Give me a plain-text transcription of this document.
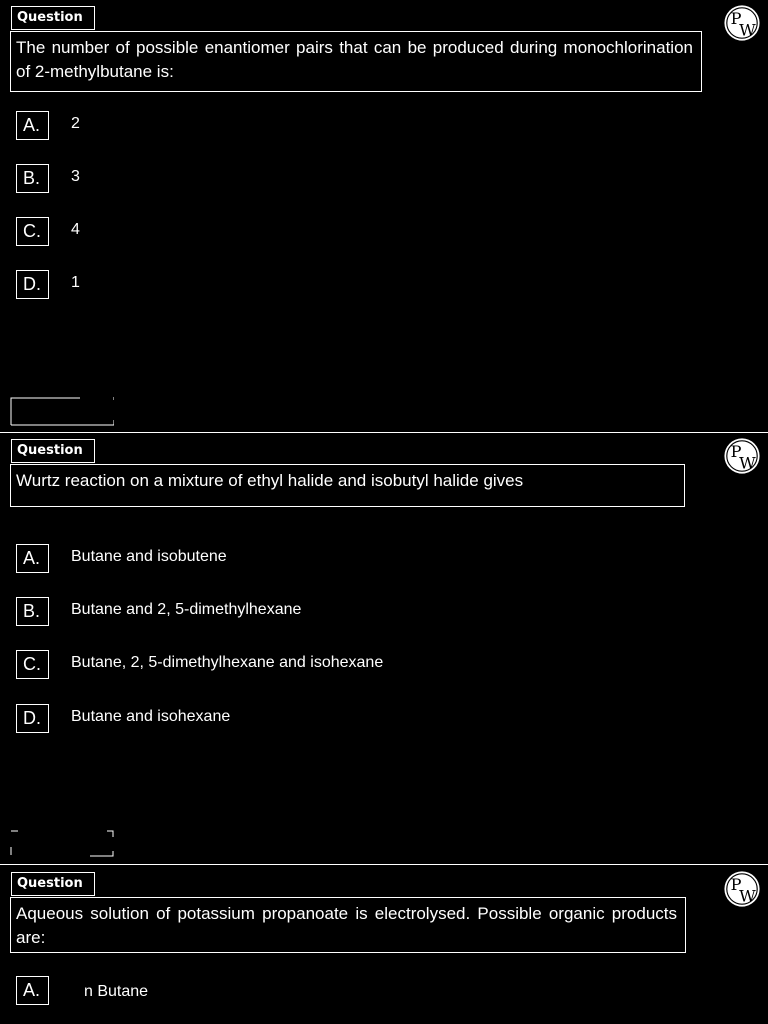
Question	P
W
The number of possible enantiomer pairs that can be produced during monochlorination of 2-methylbutane is:
A.	2
B.	3
C.	4
D.	1
Question	P
W
Wurtz reaction on a mixture of ethyl halide and isobutyl halide gives
A.	Butane and isobutene
B.	Butane and 2, 5-dimethylhexane
C.	Butane, 2, 5-dimethylhexane and isohexane
D.	Butane and isohexane
Question	P
W
Aqueous solution of potassium propanoate is electrolysed. Possible organic products are:
A.	n Butane
